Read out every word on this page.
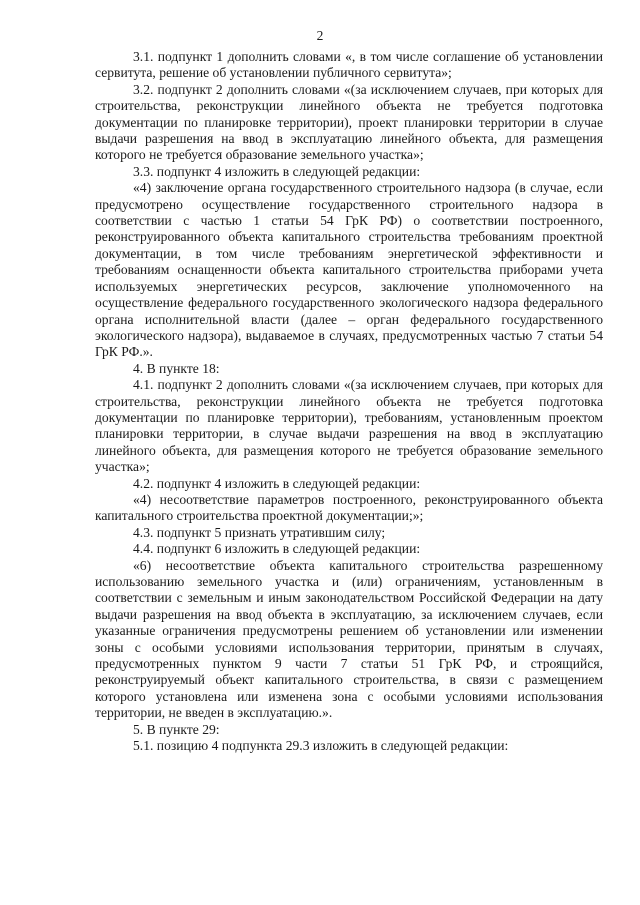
2

3.1. подпункт 1 дополнить словами «, в том числе соглашение об установлении сервитута, решение об установлении публичного сервитута»;

3.2. подпункт 2 дополнить словами «(за исключением случаев, при которых для строительства, реконструкции линейного объекта не требуется подготовка документации по планировке территории), проект планировки территории в случае выдачи разрешения на ввод в эксплуатацию линейного объекта, для размещения которого не требуется образование земельного участка»;

3.3. подпункт 4 изложить в следующей редакции:

«4) заключение органа государственного строительного надзора (в случае, если предусмотрено осуществление государственного строительного надзора в соответствии с частью 1 статьи 54 ГрК РФ) о соответствии построенного, реконструированного объекта капитального строительства требованиям проектной документации, в том числе требованиям энергетической эффективности и требованиям оснащенности объекта капитального строительства приборами учета используемых энергетических ресурсов, заключение уполномоченного на осуществление федерального государственного экологического надзора федерального органа исполнительной власти (далее – орган федерального государственного экологического надзора), выдаваемое в случаях, предусмотренных частью 7 статьи 54 ГрК РФ.».

4. В пункте 18:

4.1. подпункт 2 дополнить словами «(за исключением случаев, при которых для строительства, реконструкции линейного объекта не требуется подготовка документации по планировке территории), требованиям, установленным проектом планировки территории, в случае выдачи разрешения на ввод в эксплуатацию линейного объекта, для размещения которого не требуется образование земельного участка»;

4.2. подпункт 4 изложить в следующей редакции:

«4) несоответствие параметров построенного, реконструированного объекта капитального строительства проектной документации;»;

4.3. подпункт 5 признать утратившим силу;

4.4. подпункт 6 изложить в следующей редакции:

«6) несоответствие объекта капитального строительства разрешенному использованию земельного участка и (или) ограничениям, установленным в соответствии с земельным и иным законодательством Российской Федерации на дату выдачи разрешения на ввод объекта в эксплуатацию, за исключением случаев, если указанные ограничения предусмотрены решением об установлении или изменении зоны с особыми условиями использования территории, принятым в случаях, предусмотренных пунктом 9 части 7 статьи 51 ГрК РФ, и строящийся, реконструируемый объект капитального строительства, в связи с размещением которого установлена или изменена зона с особыми условиями использования территории, не введен в эксплуатацию.».

5. В пункте 29:

5.1. позицию 4 подпункта 29.3 изложить в следующей редакции:
